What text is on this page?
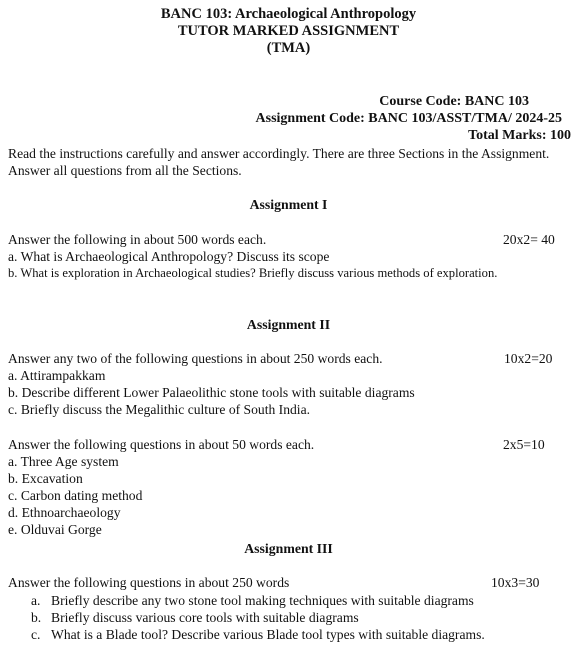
BANC 103: Archaeological Anthropology
TUTOR MARKED ASSIGNMENT
(TMA)
Course Code: BANC 103
Assignment Code: BANC 103/ASST/TMA/ 2024-25
Total Marks: 100
Read the instructions carefully and answer accordingly. There are three Sections in the Assignment. Answer all questions from all the Sections.
Assignment I
Answer the following in about 500 words each.	20x2= 40
a. What is Archaeological Anthropology? Discuss its scope
b. What is exploration in Archaeological studies? Briefly discuss various methods of exploration.
Assignment II
Answer any two of the following questions in about 250 words each.	10x2=20
a. Attirampakkam
b. Describe different Lower Palaeolithic stone tools with suitable diagrams
c. Briefly discuss the Megalithic culture of South India.
Answer the following questions in about 50 words each.	2x5=10
a. Three Age system
b. Excavation
c. Carbon dating method
d. Ethnoarchaeology
e. Olduvai Gorge
Assignment III
Answer the following questions in about 250 words	10x3=30
a. Briefly describe any two stone tool making techniques with suitable diagrams
b. Briefly discuss various core tools with suitable diagrams
c. What is a Blade tool? Describe various Blade tool types with suitable diagrams.
